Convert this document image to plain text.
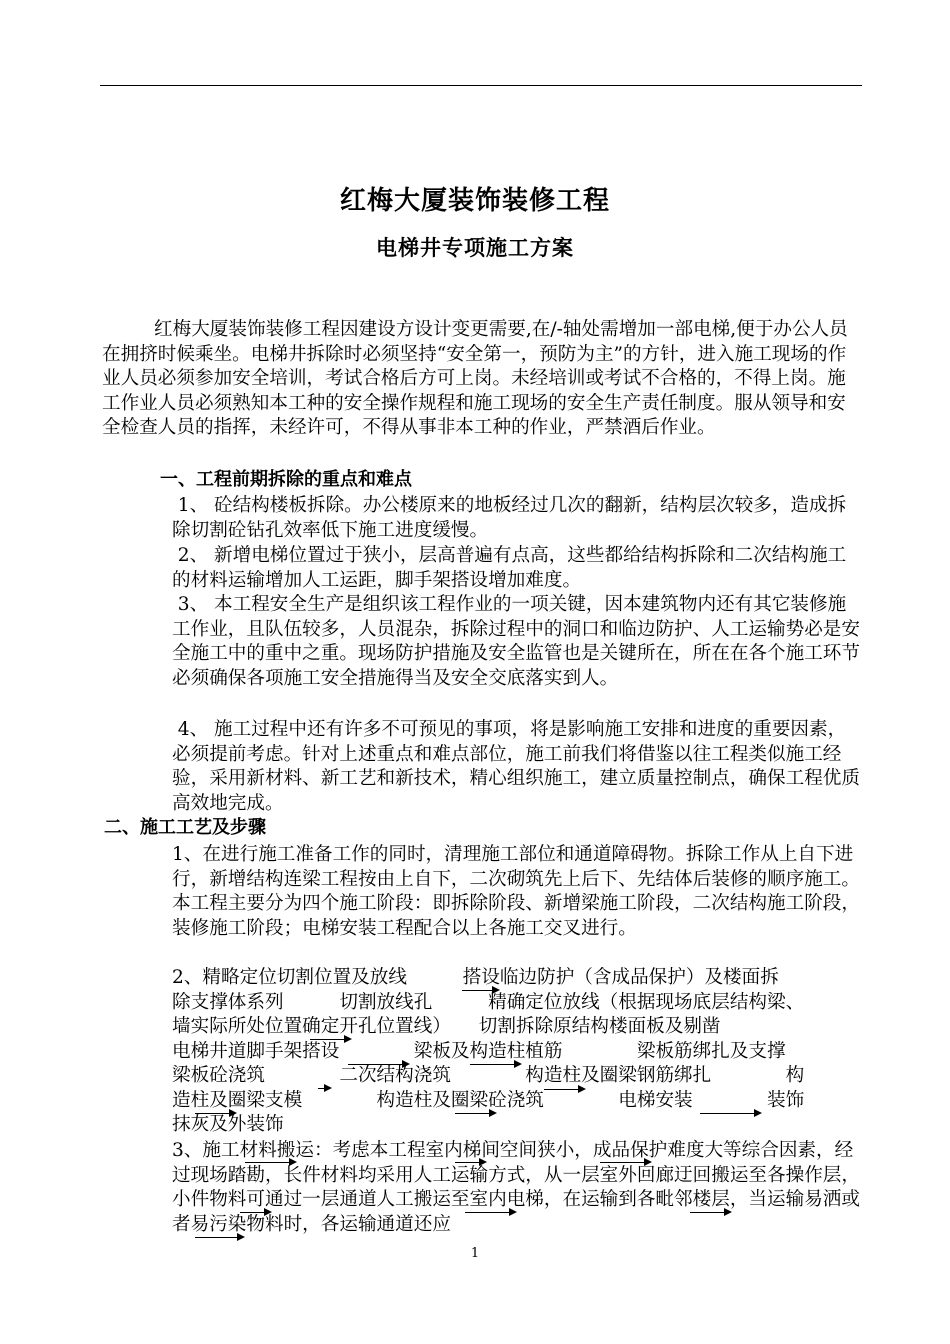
红梅大厦装饰装修工程
电梯井专项施工方案
红梅大厦装饰装修工程因建设方设计变更需要,在/-轴处需增加一部电梯,便于办公人员在拥挤时候乘坐。电梯井拆除时必须坚持“安全第一，预防为主”的方针，进入施工现场的作业人员必须参加安全培训，考试合格后方可上岗。未经培训或考试不合格的，不得上岗。施工作业人员必须熟知本工种的安全操作规程和施工现场的安全生产责任制度。服从领导和安全检查人员的指挥，未经许可，不得从事非本工种的作业，严禁酒后作业。
一、工程前期拆除的重点和难点
1、 砼结构楼板拆除。办公楼原来的地板经过几次的翻新，结构层次较多，造成拆除切割砼钻孔效率低下施工进度缓慢。
2、 新增电梯位置过于狭小，层高普遍有点高，这些都给结构拆除和二次结构施工的材料运输增加人工运距，脚手架搭设增加难度。
3、 本工程安全生产是组织该工程作业的一项关键，因本建筑物内还有其它装修施工作业，且队伍较多，人员混杂，拆除过程中的洞口和临边防护、人工运输势必是安全施工中的重中之重。现场防护措施及安全监管也是关键所在，所在在各个施工环节必须确保各项施工安全措施得当及安全交底落实到人。
4、 施工过程中还有许多不可预见的事项，将是影响施工安排和进度的重要因素，必须提前考虑。针对上述重点和难点部位，施工前我们将借鉴以往工程类似施工经验，采用新材料、新工艺和新技术，精心组织施工，建立质量控制点，确保工程优质高效地完成。
二、施工工艺及步骤
1、在进行施工准备工作的同时，清理施工部位和通道障碍物。拆除工作从上自下进行，新增结构连梁工程按由上自下，二次砌筑先上后下、先结体后装修的顺序施工。本工程主要分为四个施工阶段：即拆除阶段、新增梁施工阶段，二次结构施工阶段，装修施工阶段；电梯安装工程配合以上各施工交叉进行。
2、精略定位切割位置及放线　　　搭设临边防护（含成品保护）及楼面拆
除支撑体系列　　　切割放线孔　　　精确定位放线（根据现场底层结构梁、
墙实际所处位置确定开孔位置线）　　切割拆除原结构楼面板及剔凿
电梯井道脚手架搭设　　　　梁板及构造柱植筋　　　　梁板筋绑扎及支撑
梁板砼浇筑　　　　二次结构浇筑　　　　构造柱及圈梁钢筋绑扎　　　　构
造柱及圈梁支模　　　　构造柱及圈梁砼浇筑　　　　电梯安装　　　　装饰
抹灰及外装饰
3、施工材料搬运：考虑本工程室内梯间空间狭小，成品保护难度大等综合因素，经过现场踏勘，长件材料均采用人工运输方式，从一层室外回廊迂回搬运至各操作层，小件物料可通过一层通道人工搬运至室内电梯，在运输到各毗邻楼层，当运输易洒或者易污染物料时，各运输通道还应
1
